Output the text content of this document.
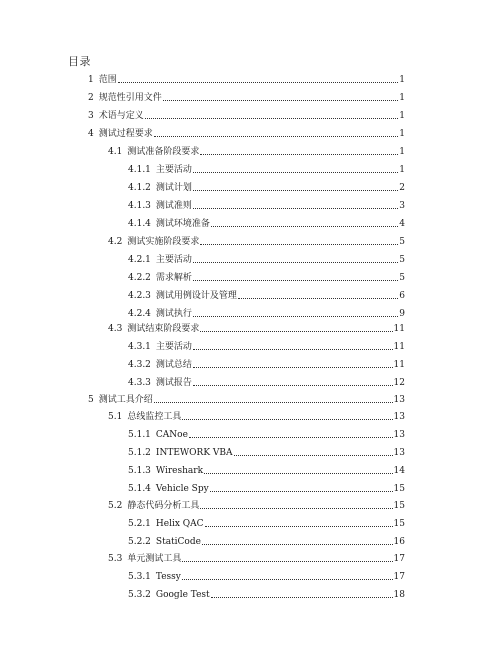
目录
1 范围	1
2 规范性引用文件	1
3 术语与定义	1
4 测试过程要求	1
4.1 测试准备阶段要求	1
4.1.1 主要活动	1
4.1.2 测试计划	2
4.1.3 测试准则	3
4.1.4 测试环境准备	4
4.2 测试实施阶段要求	5
4.2.1 主要活动	5
4.2.2 需求解析	5
4.2.3 测试用例设计及管理	6
4.2.4 测试执行	9
4.3 测试结束阶段要求	11
4.3.1 主要活动	11
4.3.2 测试总结	11
4.3.3 测试报告	12
5 测试工具介绍	13
5.1 总线监控工具	13
5.1.1 CANoe	13
5.1.2 INTEWORK VBA	13
5.1.3 Wireshark	14
5.1.4 Vehicle Spy	15
5.2 静态代码分析工具	15
5.2.1 Helix QAC	15
5.2.2 StatiCode	16
5.3 单元测试工具	17
5.3.1 Tessy	17
5.3.2 Google Test	18
